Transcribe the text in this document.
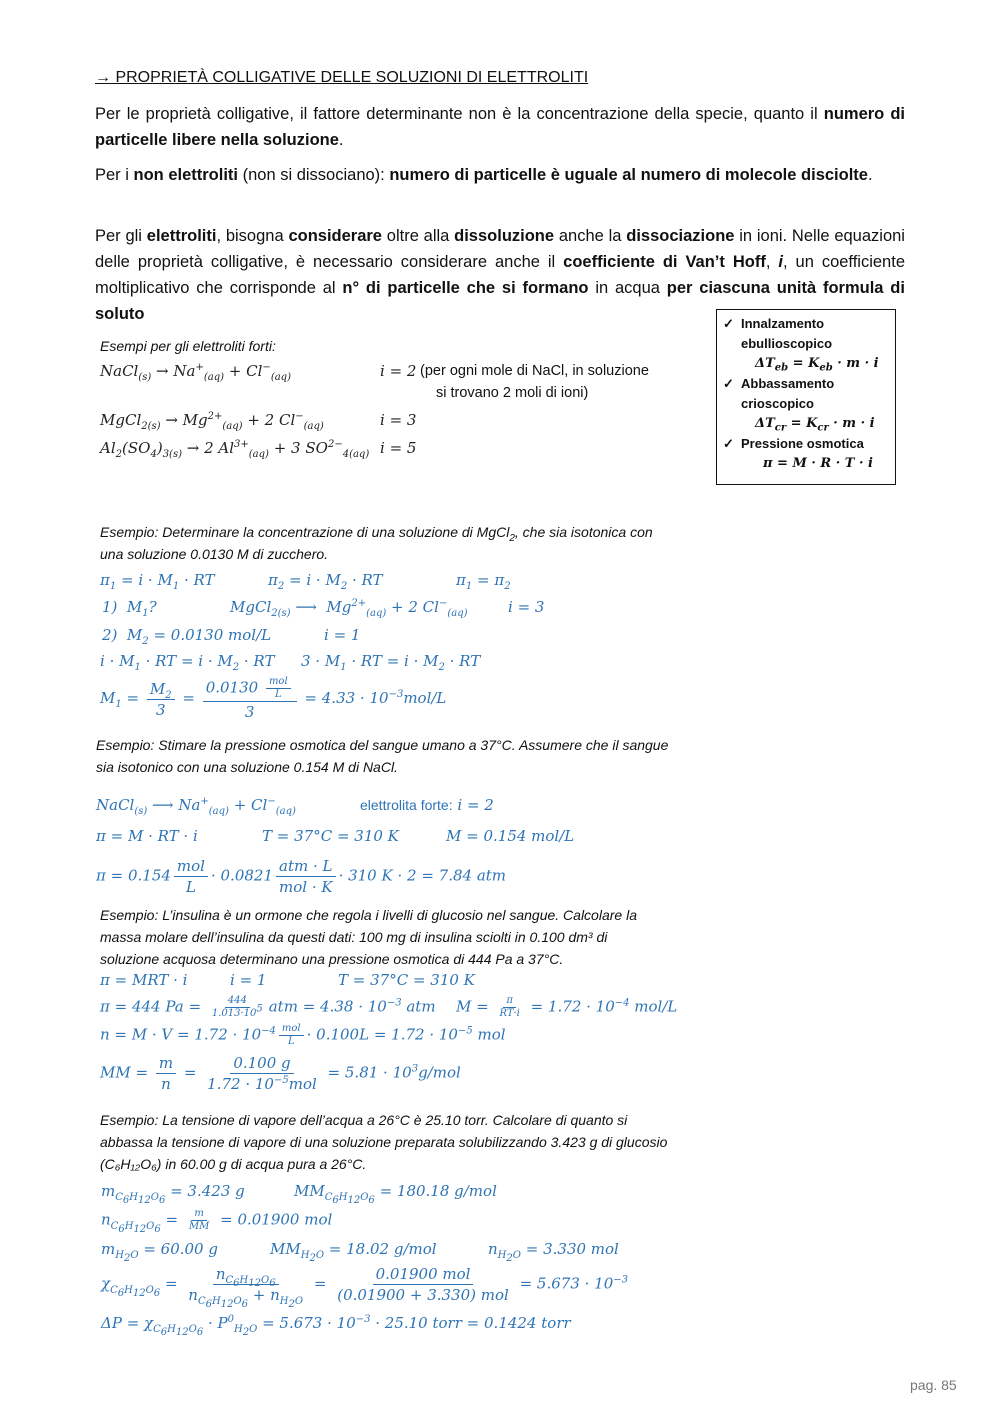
→ PROPRIETÀ COLLIGATIVE DELLE SOLUZIONI DI ELETTROLITI
Per le proprietà colligative, il fattore determinante non è la concentrazione della specie, quanto il numero di particelle libere nella soluzione.
Per i non elettroliti (non si dissociano): numero di particelle è uguale al numero di molecole disciolte.
Per gli elettroliti, bisogna considerare oltre alla dissoluzione anche la dissociazione in ioni. Nelle equazioni delle proprietà colligative, è necessario considerare anche il coefficiente di Van’t Hoff, i, un coefficiente moltiplicativo che corrisponde al n° di particelle che si formano in acqua per ciascuna unità formula di soluto
✓ Innalzamento
ebullioscopico
$\Delta T_{eb} = K_{eb} \cdot m \cdot i$
✓ Abbassamento
crioscopico
$\Delta T_{cr} = K_{cr} \cdot m \cdot i$
✓ Pressione osmotica
π = M · R · T · i
Esempi per gli elettroliti forti:
NaCl$_{(s)}$ → $Na^+_{(aq)} + Cl^-_{(aq)}$	i = 2 (per ogni mole di NaCl, in soluzione
si trovano 2 moli di ioni)
MgCl$_{2(s)}$ → $Mg^{2+}_{(aq)} + 2$ $Cl^-_{(aq)}$	i = 3
$Al_2(SO_4)_{3(s)} \to 2$ $Al^{3+}_{(aq)} + 3$ $SO^{2-}_{4(aq)}$ i = 5
Esempio: Determinare la concentrazione di una soluzione di MgCl$_2$, che sia isotonica con
una soluzione 0.0130 M di zucchero.
$\pi_1 = i \cdot M_1$ · RT	$\pi_2 = i \cdot M_2$ · RT	$\pi_1 = \pi_2$
1)  $M_1$?	MgCl$_{2(s)}$ ⟶  $Mg^{2+}_{(aq)} + 2$ $Cl^-_{(aq)}$	i = 3
2)  $M_2 = 0.0130$ mol/L	i = 1
$i \cdot M_1$ · RT = $i \cdot M_2$ · RT $3 \cdot M_1$ · RT = $i \cdot M_2$ · RT
$M_1 = \frac{M_2}{3} = \frac{0.0130 \frac{\text{mol}}{L}}{3} = 4.33 \cdot 10^{-3}mol/L$
Esempio: Stimare la pressione osmotica del sangue umano a 37°C. Assumere che il sangue
sia isotonico con una soluzione 0.154 M di NaCl.
NaCl$_{(s)}$ ⟶ $Na^+_{(aq)} + Cl^-_{(aq)}$	elettrolita forte: i = 2
π = M · RT · i	T = 37°C = 310 K	M = 0.154 mol/L
$\pi = 0.154 \frac{\text{mol}}{L} \cdot 0.0821 \frac{\text{atm · L}}{\text{mol · K}} \cdot 310$ K · 2 = 7.84 atm
Esempio: L’insulina è un ormone che regola i livelli di glucosio nel sangue. Calcolare la
massa molare dell’insulina da questi dati: 100 mg di insulina sciolti in 0.100 dm³ di
soluzione acquosa determinano una pressione osmotica di 444 Pa a 37°C.
π = MRT · i	i = 1	T = 37°C = 310 K
π = 444 $Pa = \frac{444}{1.013\cdot 10^5}$ atm = $4.38 \cdot 10^{-3}$ atm $M = \frac{\pi}{RT\cdot i} = 1.72 \cdot 10^{-4}$ mol/L
$n = M \cdot V = 1.72 \cdot 10^{-4} \frac{\text{mol}}{L} \cdot 0.100L = 1.72 \cdot 10^{-5}$ mol
MM = $\frac{m}{n} = \frac{0.100 g}{1.72 \cdot 10^{-5}mol} = 5.81 \cdot 10^3g/mol$
Esempio: La tensione di vapore dell’acqua a 26°C è 25.10 torr. Calcolare di quanto si
abbassa la tensione di vapore di una soluzione preparata solubilizzando 3.423 g di glucosio
(C₆H₁₂O₆) in 60.00 g di acqua pura a 26°C.
$m_{C_6H_{12}O_6} = 3.423$ g	$MM_{C_6H_{12}O_6} = 180.18$ g/mol
$n_{C_6H_{12}O_6} = \frac{m}{MM} = 0.01900$ mol
$m_{H_2O} = 60.00$ g	$MM_{H_2O} = 18.02$ g/mol	$n_{H_2O} = 3.330$ mol
$\chi_{C_6H_{12}O_6} = \frac{n_{C_6H_{12}O_6}}{n_{C_6H_{12}O_6} + n_{H_2O}} = \frac{\text{0.01900 mol}}{\text{(0.01900 + 3.330) mol}} = 5.673 \cdot 10^{-3}$
$\Delta P = \chi_{C_6H_{12}O_6} \cdot P^0_{H_2O} = 5.673 \cdot 10^{-3} \cdot 25.10$ torr = 0.1424 torr
pag. 85
